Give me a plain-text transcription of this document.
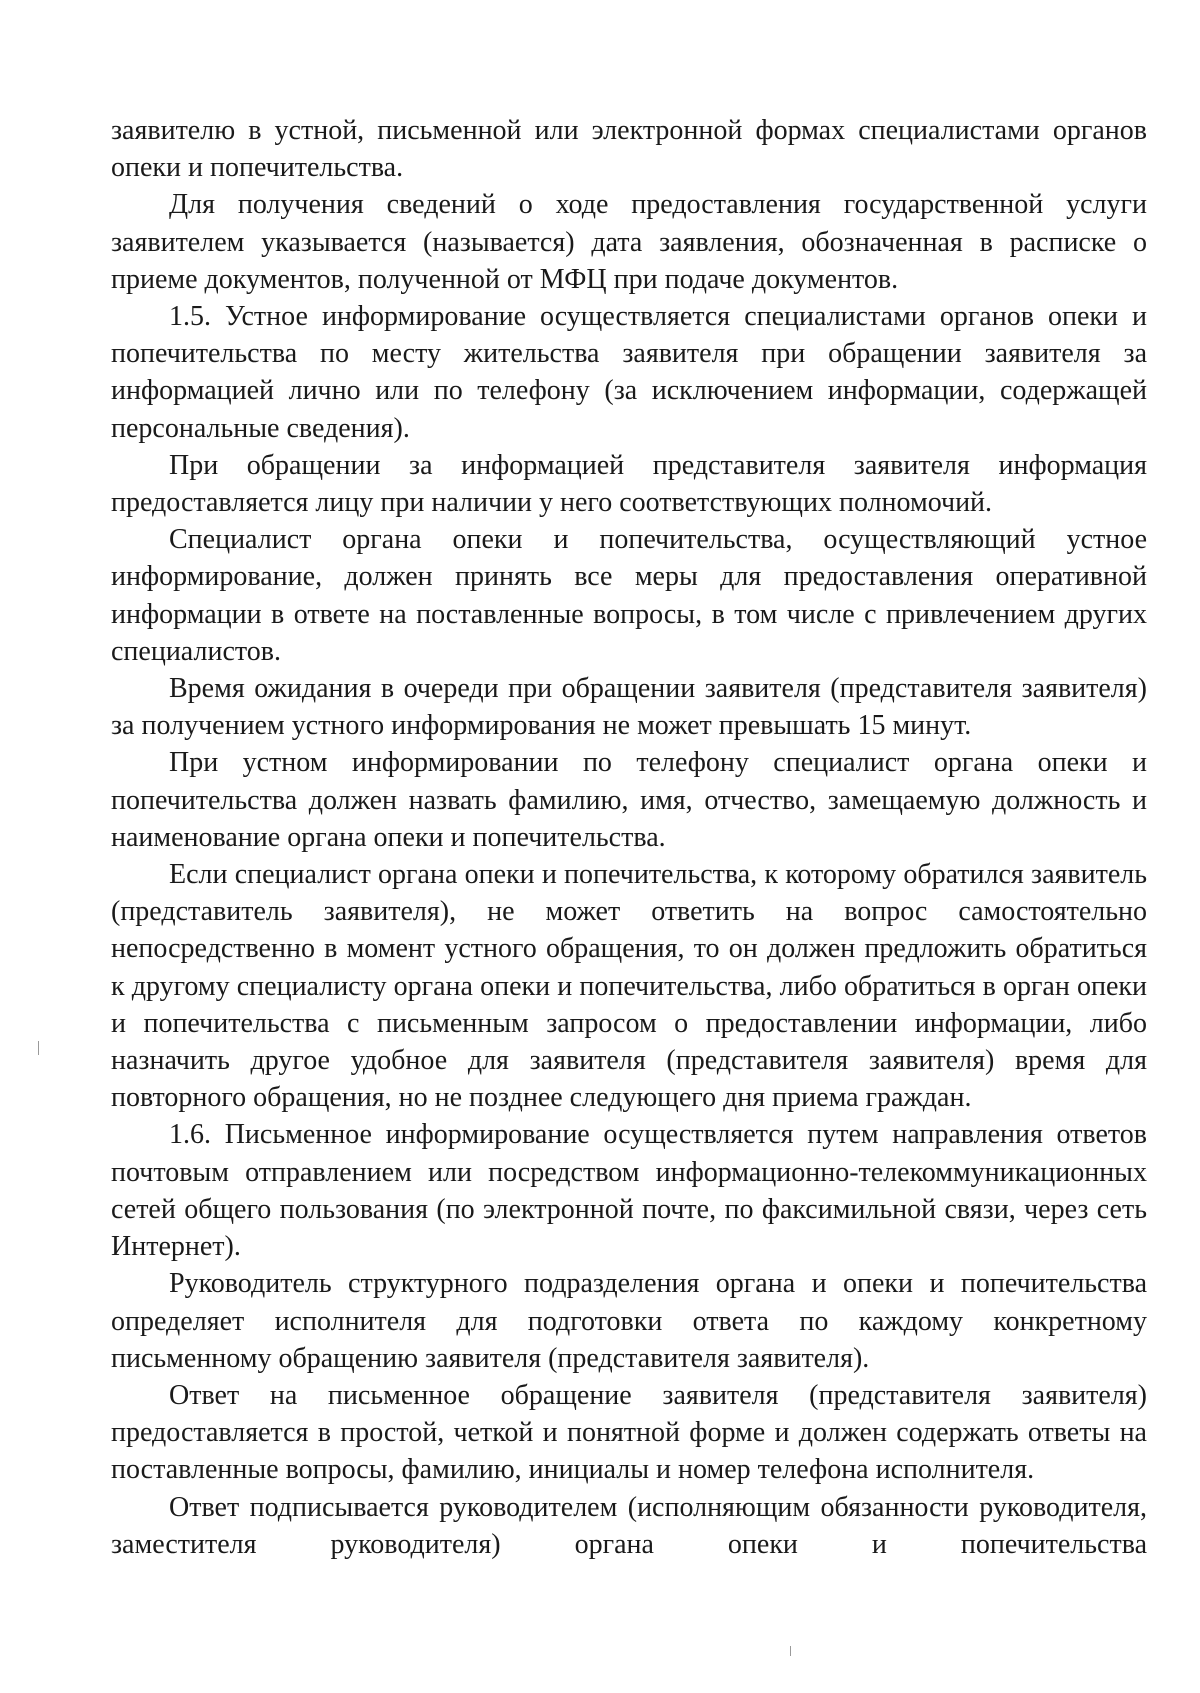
заявителю в устной, письменной или электронной формах специалистами органов опеки и попечительства.

Для получения сведений о ходе предоставления государственной услуги заявителем указывается (называется) дата заявления, обозначенная в расписке о приеме документов, полученной от МФЦ при подаче документов.

1.5. Устное информирование осуществляется специалистами органов опеки и попечительства по месту жительства заявителя при обращении заявителя за информацией лично или по телефону (за исключением информации, содержащей персональные сведения).

При обращении за информацией представителя заявителя информация предоставляется лицу при наличии у него соответствующих полномочий.

Специалист органа опеки и попечительства, осуществляющий устное информирование, должен принять все меры для предоставления оперативной информации в ответе на поставленные вопросы, в том числе с привлечением других специалистов.

Время ожидания в очереди при обращении заявителя (представителя заявителя) за получением устного информирования не может превышать 15 минут.

При устном информировании по телефону специалист органа опеки и попечительства должен назвать фамилию, имя, отчество, замещаемую должность и наименование органа опеки и попечительства.

Если специалист органа опеки и попечительства, к которому обратился заявитель (представитель заявителя), не может ответить на вопрос самостоятельно непосредственно в момент устного обращения, то он должен предложить обратиться к другому специалисту органа опеки и попечительства, либо обратиться в орган опеки и попечительства с письменным запросом о предоставлении информации, либо назначить другое удобное для заявителя (представителя заявителя) время для повторного обращения, но не позднее следующего дня приема граждан.

1.6. Письменное информирование осуществляется путем направления ответов почтовым отправлением или посредством информационно-телекоммуникационных сетей общего пользования (по электронной почте, по факсимильной связи, через сеть Интернет).

Руководитель структурного подразделения органа и опеки и попечительства определяет исполнителя для подготовки ответа по каждому конкретному письменному обращению заявителя (представителя заявителя).

Ответ на письменное обращение заявителя (представителя заявителя) предоставляется в простой, четкой и понятной форме и должен содержать ответы на поставленные вопросы, фамилию, инициалы и номер телефона исполнителя.

Ответ подписывается руководителем (исполняющим обязанности руководителя, заместителя руководителя) органа опеки и попечительства
